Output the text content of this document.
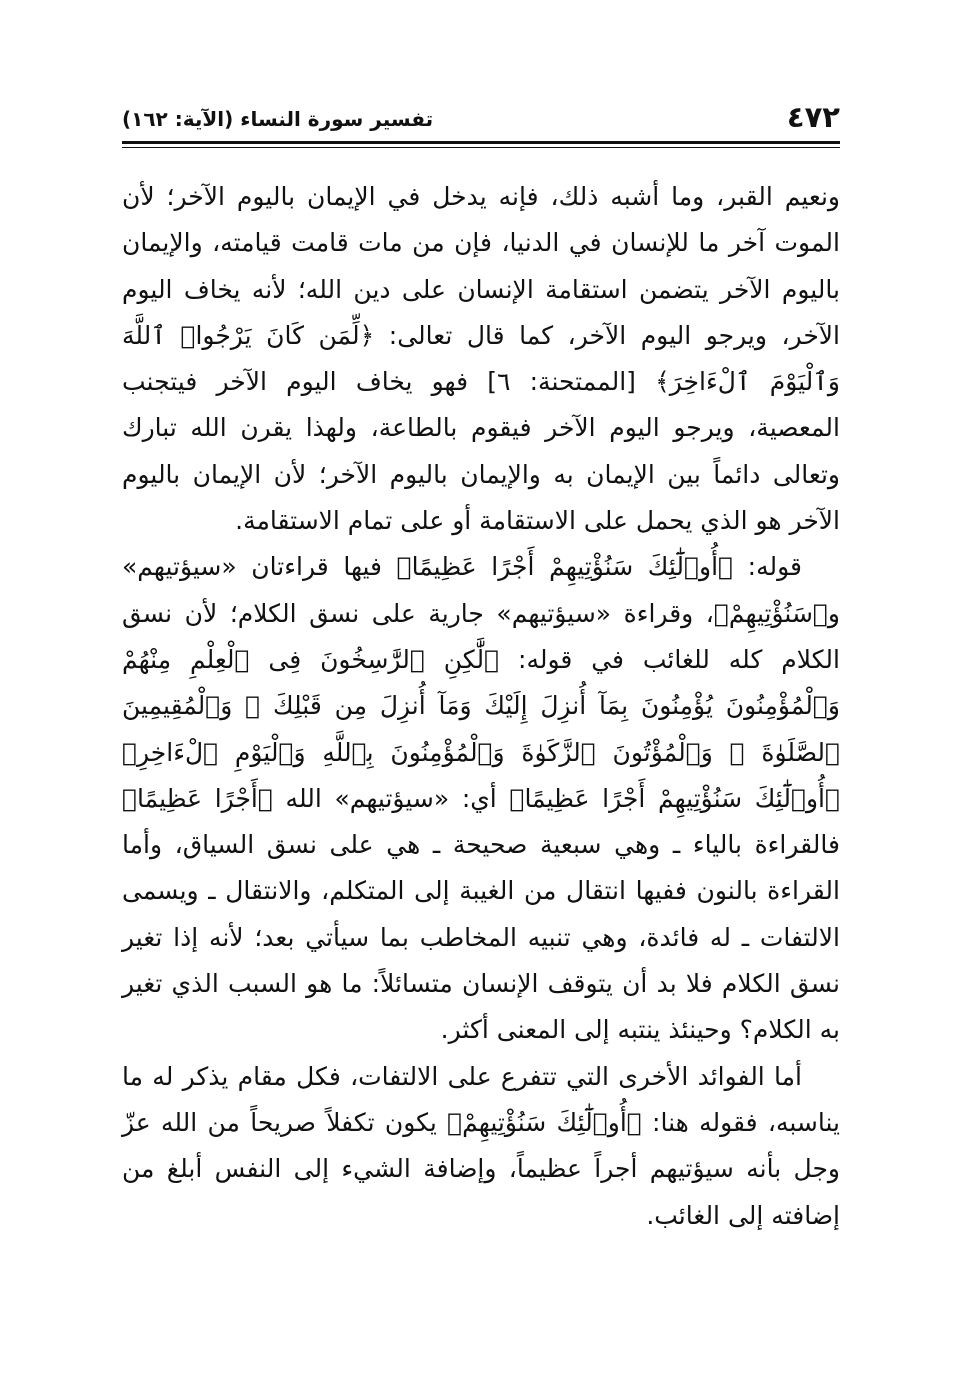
٤٧٢
تفسير سورة النساء (الآية: ١٦٢)

ونعيم القبر، وما أشبه ذلك، فإنه يدخل في الإيمان باليوم الآخر؛ لأن الموت آخر ما للإنسان في الدنيا، فإن من مات قامت قيامته، والإيمان باليوم الآخر يتضمن استقامة الإنسان على دين الله؛ لأنه يخاف اليوم الآخر، ويرجو اليوم الآخر، كما قال تعالى: ﴿لِّمَن كَانَ يَرْجُوا۟ ٱللَّهَ وَٱلْيَوْمَ ٱلْءَاخِرَ﴾ [الممتحنة: ٦] فهو يخاف اليوم الآخر فيتجنب المعصية، ويرجو اليوم الآخر فيقوم بالطاعة، ولهذا يقرن الله تبارك وتعالى دائماً بين الإيمان به والإيمان باليوم الآخر؛ لأن الإيمان باليوم الآخر هو الذي يحمل على الاستقامة أو على تمام الاستقامة.

قوله: ﴿أُو۟لَٰٓئِكَ سَنُؤْتِيهِمْ أَجْرًا عَظِيمًا﴾ فيها قراءتان «سيؤتيهم» و﴿سَنُؤْتِيهِمْ﴾، وقراءة «سيؤتيهم» جارية على نسق الكلام؛ لأن نسق الكلام كله للغائب في قوله: ﴿لَّٰكِنِ ٱلرَّٰسِخُونَ فِى ٱلْعِلْمِ مِنْهُمْ وَٱلْمُؤْمِنُونَ يُؤْمِنُونَ بِمَآ أُنزِلَ إِلَيْكَ وَمَآ أُنزِلَ مِن قَبْلِكَ ۚ وَٱلْمُقِيمِينَ ٱلصَّلَوٰةَ ۚ وَٱلْمُؤْتُونَ ٱلزَّكَوٰةَ وَٱلْمُؤْمِنُونَ بِٱللَّهِ وَٱلْيَوْمِ ٱلْءَاخِرِ﴾ ﴿أُو۟لَٰٓئِكَ سَنُؤْتِيهِمْ أَجْرًا عَظِيمًا﴾ أي: «سيؤتيهم» الله ﴿أَجْرًا عَظِيمًا﴾ فالقراءة بالياء ـ وهي سبعية صحيحة ـ هي على نسق السياق، وأما القراءة بالنون ففيها انتقال من الغيبة إلى المتكلم، والانتقال ـ ويسمى الالتفات ـ له فائدة، وهي تنبيه المخاطب بما سيأتي بعد؛ لأنه إذا تغير نسق الكلام فلا بد أن يتوقف الإنسان متسائلاً: ما هو السبب الذي تغير به الكلام؟ وحينئذ ينتبه إلى المعنى أكثر.

أما الفوائد الأخرى التي تتفرع على الالتفات، فكل مقام يذكر له ما يناسبه، فقوله هنا: ﴿أُو۟لَٰٓئِكَ سَنُؤْتِيهِمْ﴾ يكون تكفلاً صريحاً من الله عزّ وجل بأنه سيؤتيهم أجراً عظيماً، وإضافة الشيء إلى النفس أبلغ من إضافته إلى الغائب.
